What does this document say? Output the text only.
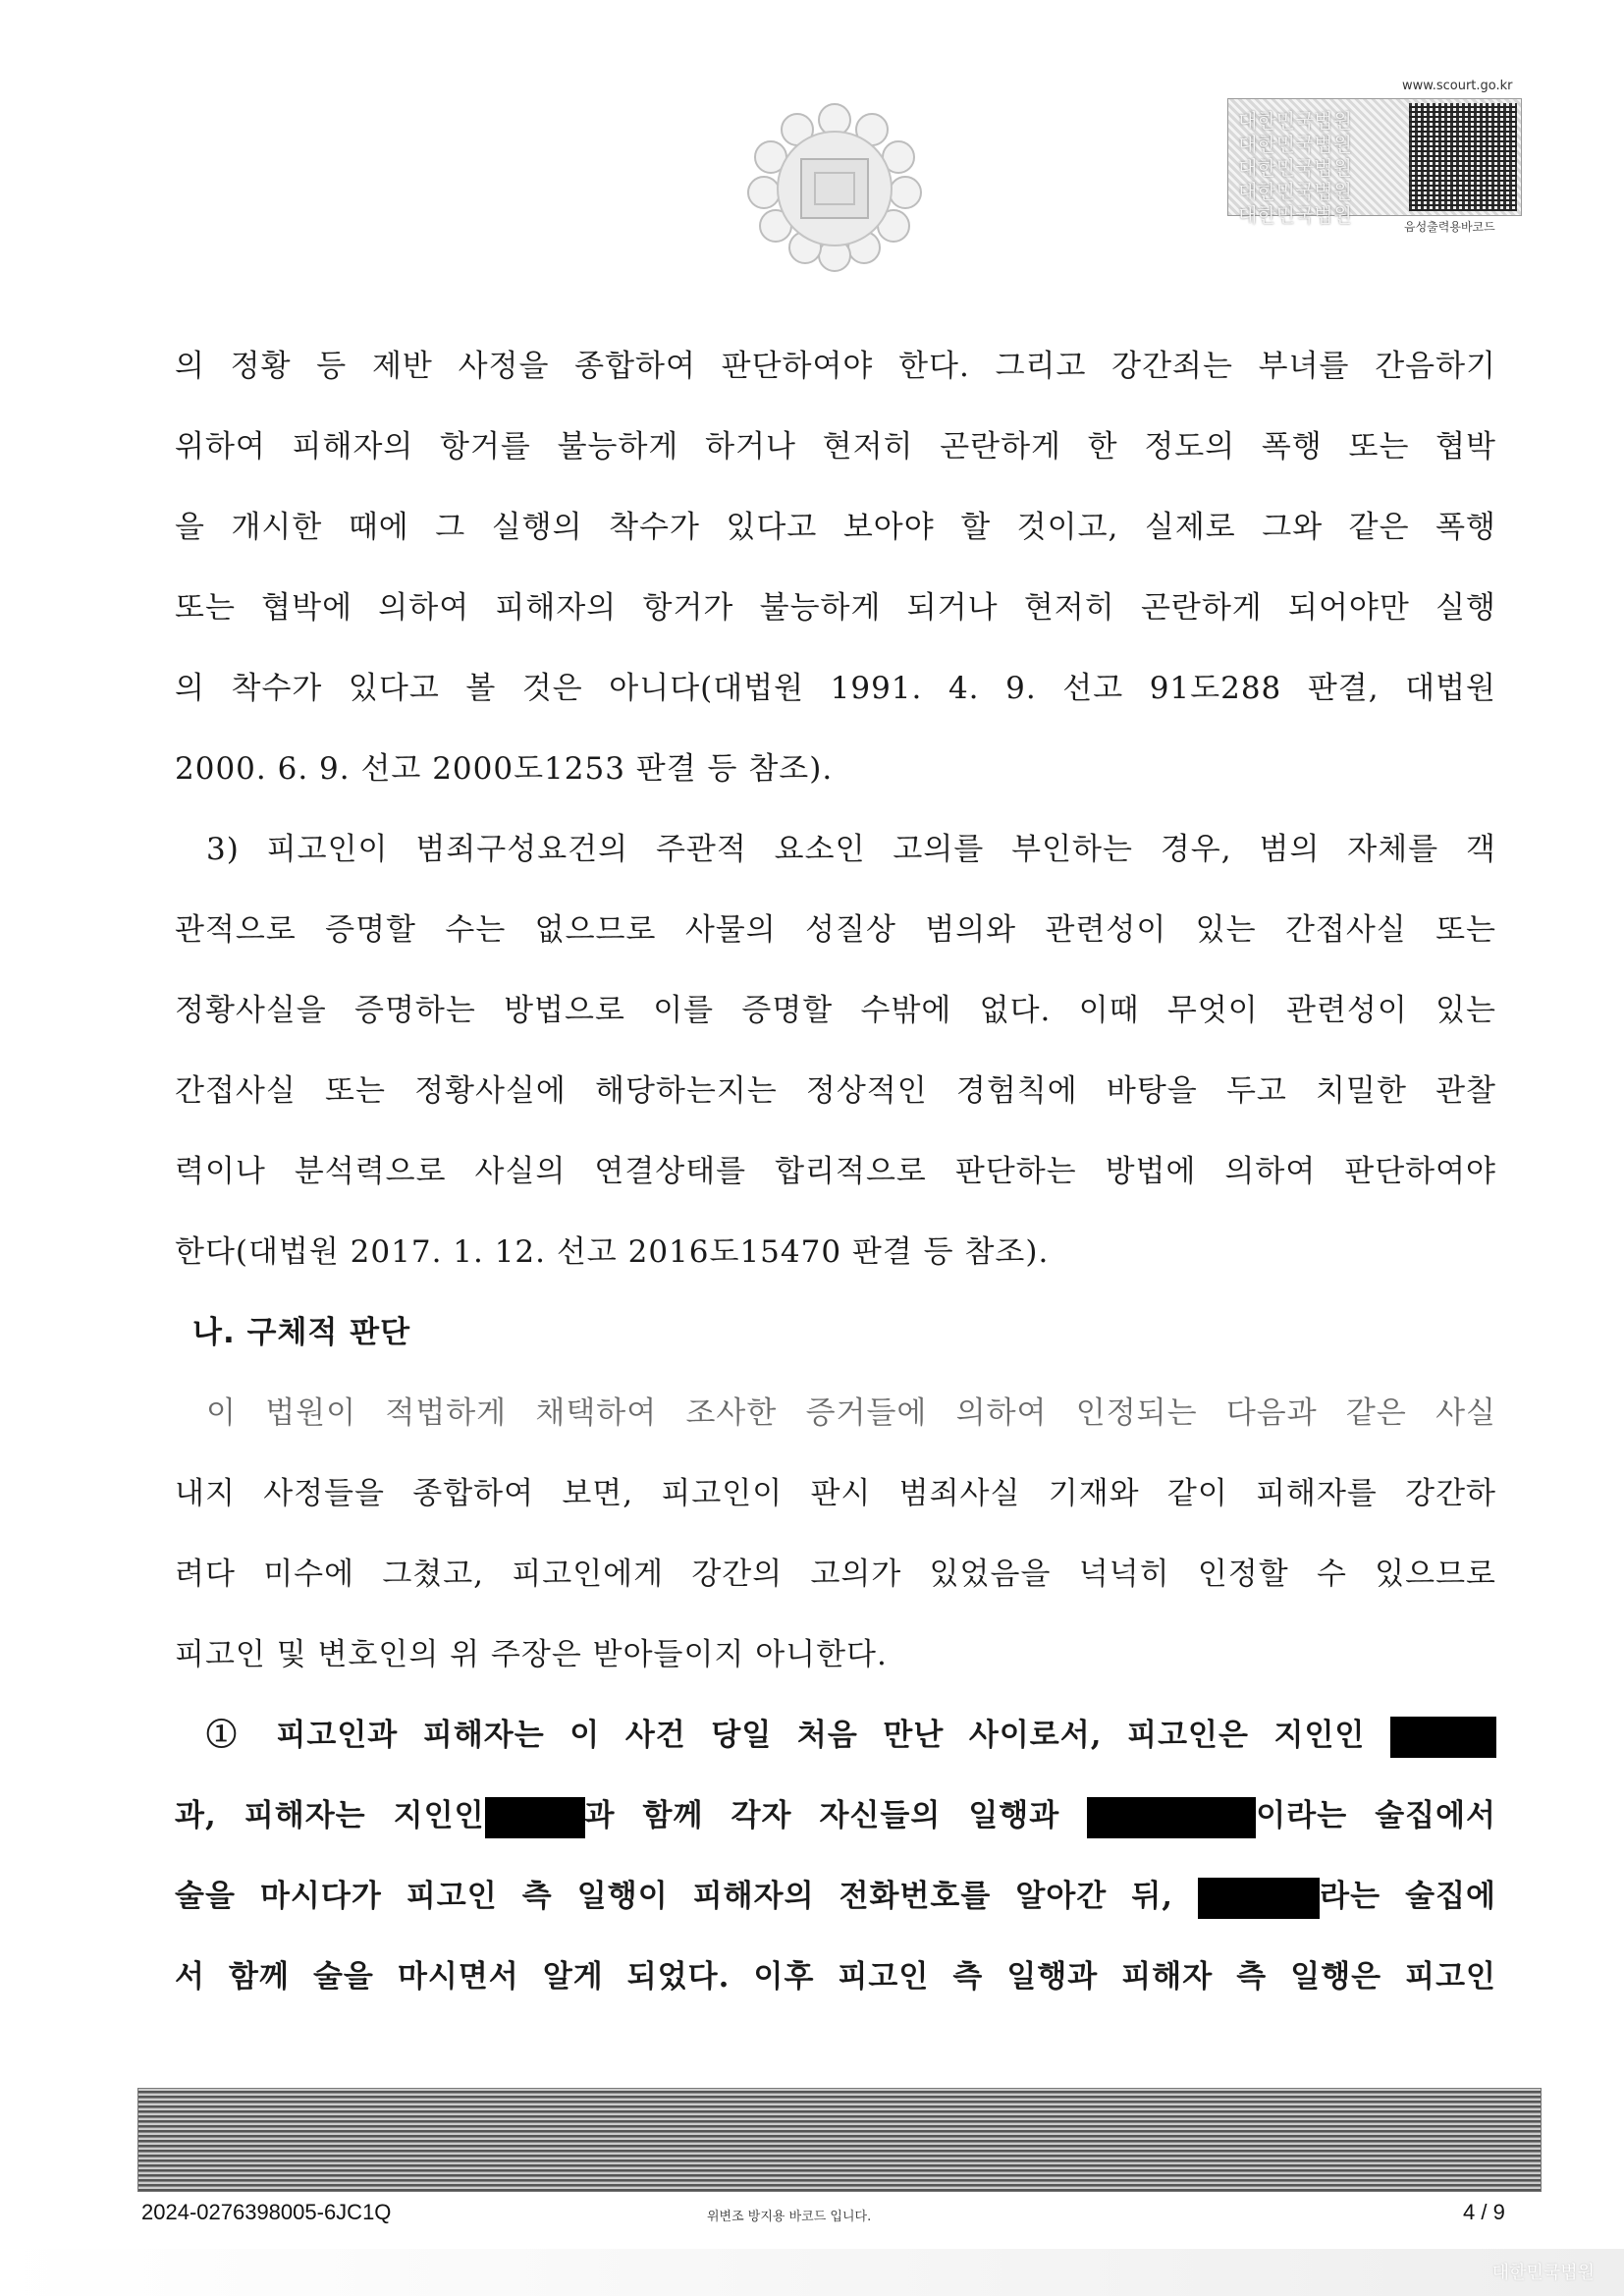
www.scourt.go.kr
대한민국법원
대한민국법원
대한민국법원
대한민국법원
대한민국법원	음성출력용바코드
의 정황 등 제반 사정을 종합하여 판단하여야 한다. 그리고 강간죄는 부녀를 간음하기
위하여 피해자의 항거를 불능하게 하거나 현저히 곤란하게 한 정도의 폭행 또는 협박
을 개시한 때에 그 실행의 착수가 있다고 보아야 할 것이고, 실제로 그와 같은 폭행
또는 협박에 의하여 피해자의 항거가 불능하게 되거나 현저히 곤란하게 되어야만 실행
의 착수가 있다고 볼 것은 아니다(대법원 1991. 4. 9. 선고 91도288 판결, 대법원
2000. 6. 9. 선고 2000도1253 판결 등 참조).
3) 피고인이 범죄구성요건의 주관적 요소인 고의를 부인하는 경우, 범의 자체를 객
관적으로 증명할 수는 없으므로 사물의 성질상 범의와 관련성이 있는 간접사실 또는
정황사실을 증명하는 방법으로 이를 증명할 수밖에 없다. 이때 무엇이 관련성이 있는
간접사실 또는 정황사실에 해당하는지는 정상적인 경험칙에 바탕을 두고 치밀한 관찰
력이나 분석력으로 사실의 연결상태를 합리적으로 판단하는 방법에 의하여 판단하여야
한다(대법원 2017. 1. 12. 선고 2016도15470 판결 등 참조).
나. 구체적 판단
이 법원이 적법하게 채택하여 조사한 증거들에 의하여 인정되는 다음과 같은 사실
내지 사정들을 종합하여 보면, 피고인이 판시 범죄사실 기재와 같이 피해자를 강간하
려다 미수에 그쳤고, 피고인에게 강간의 고의가 있었음을 넉넉히 인정할 수 있으므로
피고인 및 변호인의 위 주장은 받아들이지 아니한다.
① 피고인과 피해자는 이 사건 당일 처음 만난 사이로서, 피고인은 지인인
과, 피해자는 지인인	과 함께 각자 자신들의 일행과	이라는 술집에서
술을 마시다가 피고인 측 일행이 피해자의 전화번호를 알아간 뒤,	라는 술집에
서 함께 술을 마시면서 알게 되었다. 이후 피고인 측 일행과 피해자 측 일행은 피고인
2024-0276398005-6JC1Q	위변조 방지용 바코드 입니다.	4 / 9
대한민국법원
